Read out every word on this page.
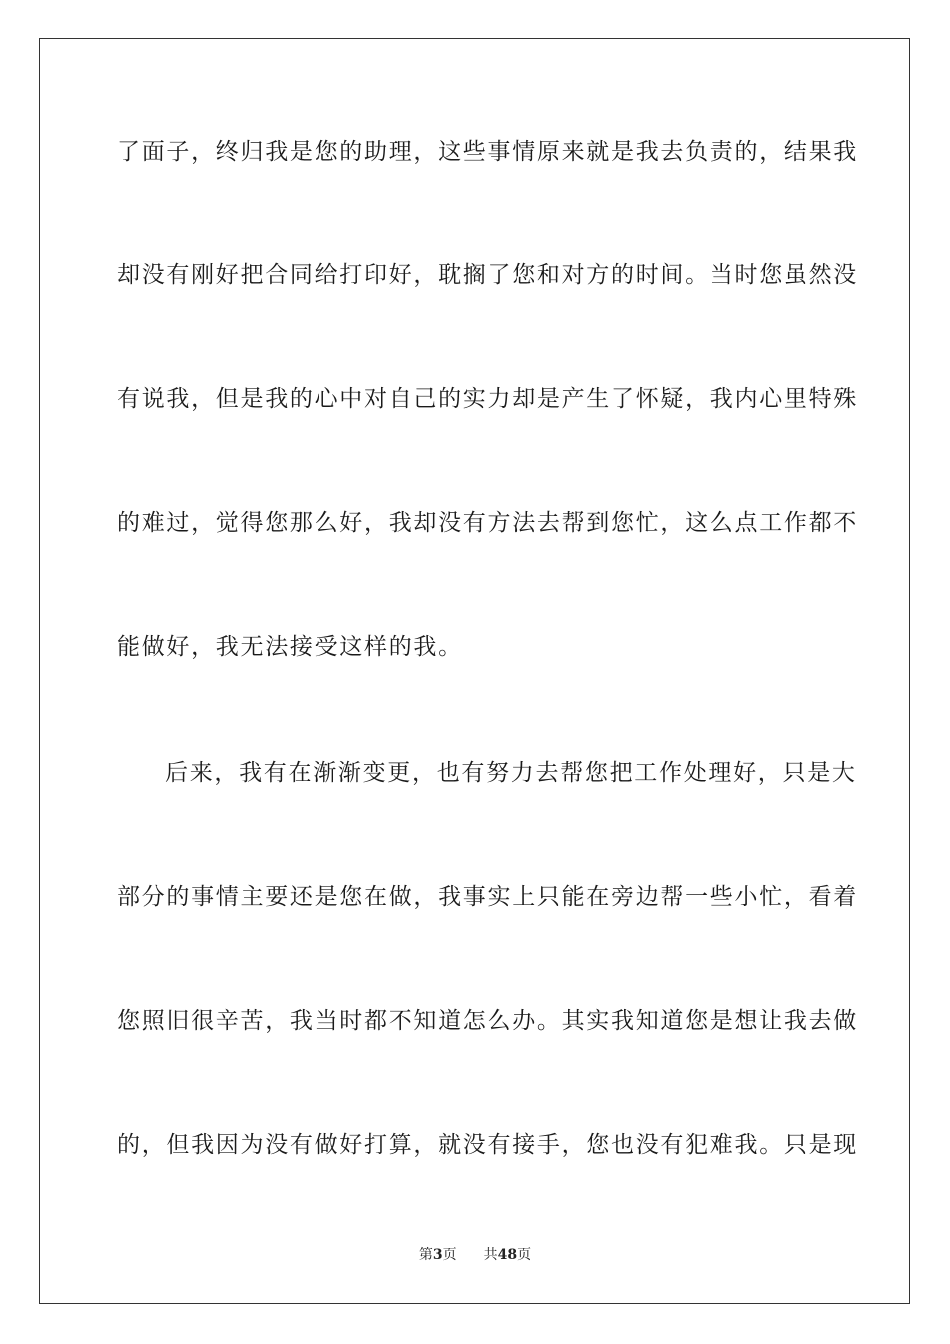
了面子，终归我是您的助理，这些事情原来就是我去负责的，结果我
却没有刚好把合同给打印好，耽搁了您和对方的时间。当时您虽然没
有说我，但是我的心中对自己的实力却是产生了怀疑，我内心里特殊
的难过，觉得您那么好，我却没有方法去帮到您忙，这么点工作都不
能做好，我无法接受这样的我。
后来，我有在渐渐变更，也有努力去帮您把工作处理好，只是大
部分的事情主要还是您在做，我事实上只能在旁边帮一些小忙，看着
您照旧很辛苦，我当时都不知道怎么办。其实我知道您是想让我去做
的，但我因为没有做好打算，就没有接手，您也没有犯难我。只是现
第3页 共48页
